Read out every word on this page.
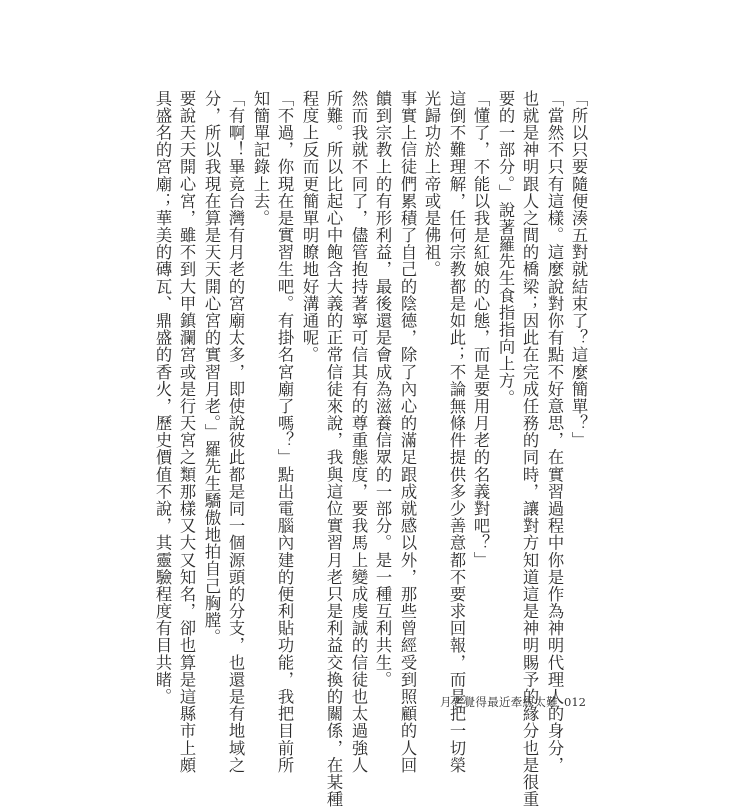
「所以只要隨便湊五對就結束了？這麼簡單？」
「當然不只有這樣。這麼說對你有點不好意思，在實習過程中你是作為神明代理人的身分，
也就是神明跟人之間的橋梁；因此在完成任務的同時，讓對方知道這是神明賜予的緣分也是很重
要的一部分。」說著羅先生食指指向上方。
「懂了，不能以我是紅娘的心態，而是要用月老的名義對吧？」
這倒不難理解，任何宗教都是如此；不論無條件提供多少善意都不要求回報，而是把一切榮
光歸功於上帝或是佛祖。
事實上信徒們累積了自己的陰德，除了內心的滿足跟成就感以外，那些曾經受到照顧的人回
饋到宗教上的有形利益，最後還是會成為滋養信眾的一部分。是一種互利共生。
然而我就不同了，儘管抱持著寧可信其有的尊重態度，要我馬上變成虔誠的信徒也太過強人
所難。所以比起心中飽含大義的正常信徒來說，我與這位實習月老只是利益交換的關係，在某種
程度上反而更簡單明瞭地好溝通呢。
「不過，你現在是實習生吧。有掛名宮廟了嗎？」點出電腦內建的便利貼功能，我把目前所
知簡單記錄上去。
「有啊！畢竟台灣有月老的宮廟太多，即使說彼此都是同一個源頭的分支，也還是有地域之
分，所以我現在算是天天開心宮的實習月老。」羅先生驕傲地拍自己胸膛。
要說天天開心宮，雖不到大甲鎮瀾宮或是行天宮之類那樣又大又知名，卻也算是這縣市上頗
具盛名的宮廟；華美的磚瓦、鼎盛的香火，歷史價值不說，其靈驗程度有目共睹。	月老覺得最近牽線太難 012
